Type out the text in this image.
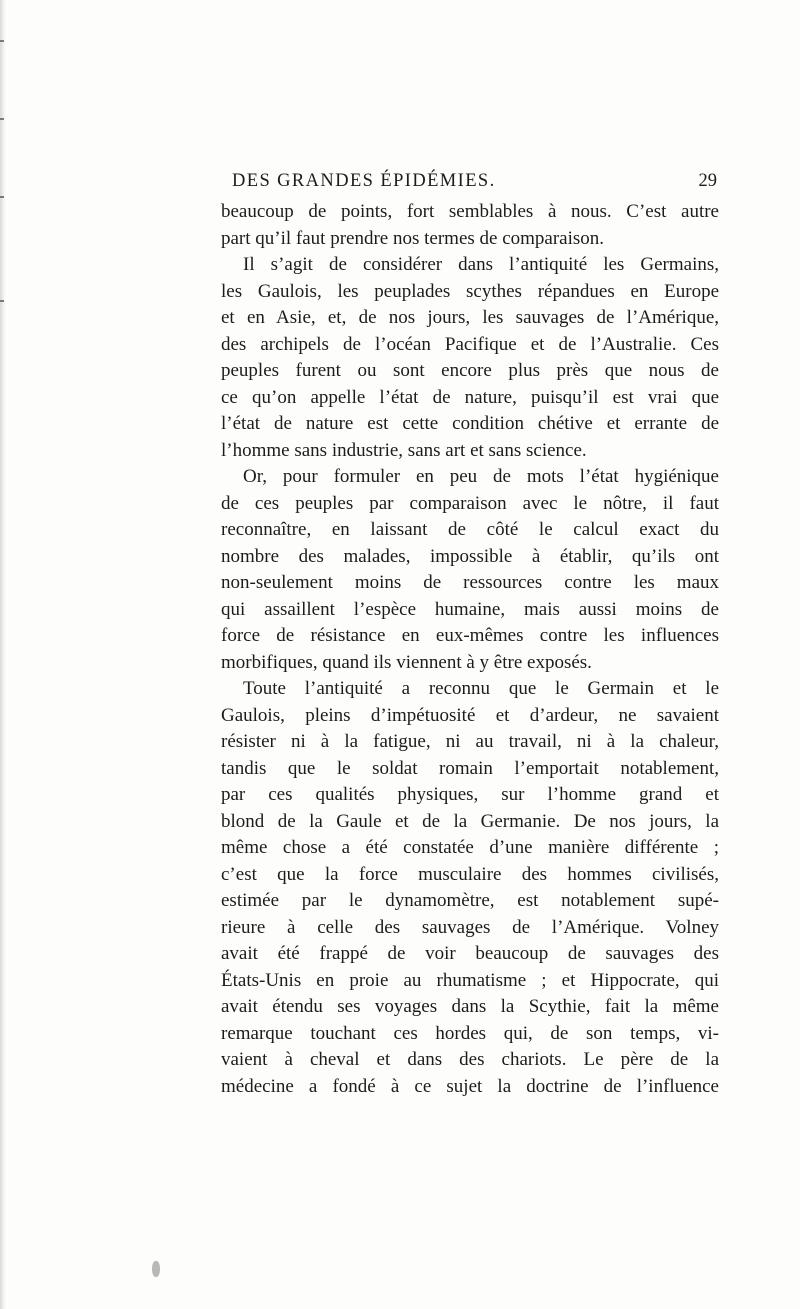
DES GRANDES ÉPIDÉMIES.	29

beaucoup de points, fort semblables à nous. C’est autre

part qu’il faut prendre nos termes de comparaison.

Il s’agit de considérer dans l’antiquité les Germains,

les Gaulois, les peuplades scythes répandues en Europe

et en Asie, et, de nos jours, les sauvages de l’Amérique,

des archipels de l’océan Pacifique et de l’Australie. Ces

peuples furent ou sont encore plus près que nous de

ce qu’on appelle l’état de nature, puisqu’il est vrai que

l’état de nature est cette condition chétive et errante de

l’homme sans industrie, sans art et sans science.

Or, pour formuler en peu de mots l’état hygiénique

de ces peuples par comparaison avec le nôtre, il faut

reconnaître, en laissant de côté le calcul exact du

nombre des malades, impossible à établir, qu’ils ont

non-seulement moins de ressources contre les maux

qui assaillent l’espèce humaine, mais aussi moins de

force de résistance en eux-mêmes contre les influences

morbifiques, quand ils viennent à y être exposés.

Toute l’antiquité a reconnu que le Germain et le

Gaulois, pleins d’impétuosité et d’ardeur, ne savaient

résister ni à la fatigue, ni au travail, ni à la chaleur,

tandis que le soldat romain l’emportait notablement,

par ces qualités physiques, sur l’homme grand et

blond de la Gaule et de la Germanie. De nos jours, la

même chose a été constatée d’une manière différente ;

c’est que la force musculaire des hommes civilisés,

estimée par le dynamomètre, est notablement supé-

rieure à celle des sauvages de l’Amérique. Volney

avait été frappé de voir beaucoup de sauvages des

États-Unis en proie au rhumatisme ; et Hippocrate, qui

avait étendu ses voyages dans la Scythie, fait la même

remarque touchant ces hordes qui, de son temps, vi-

vaient à cheval et dans des chariots. Le père de la

médecine a fondé à ce sujet la doctrine de l’influence
